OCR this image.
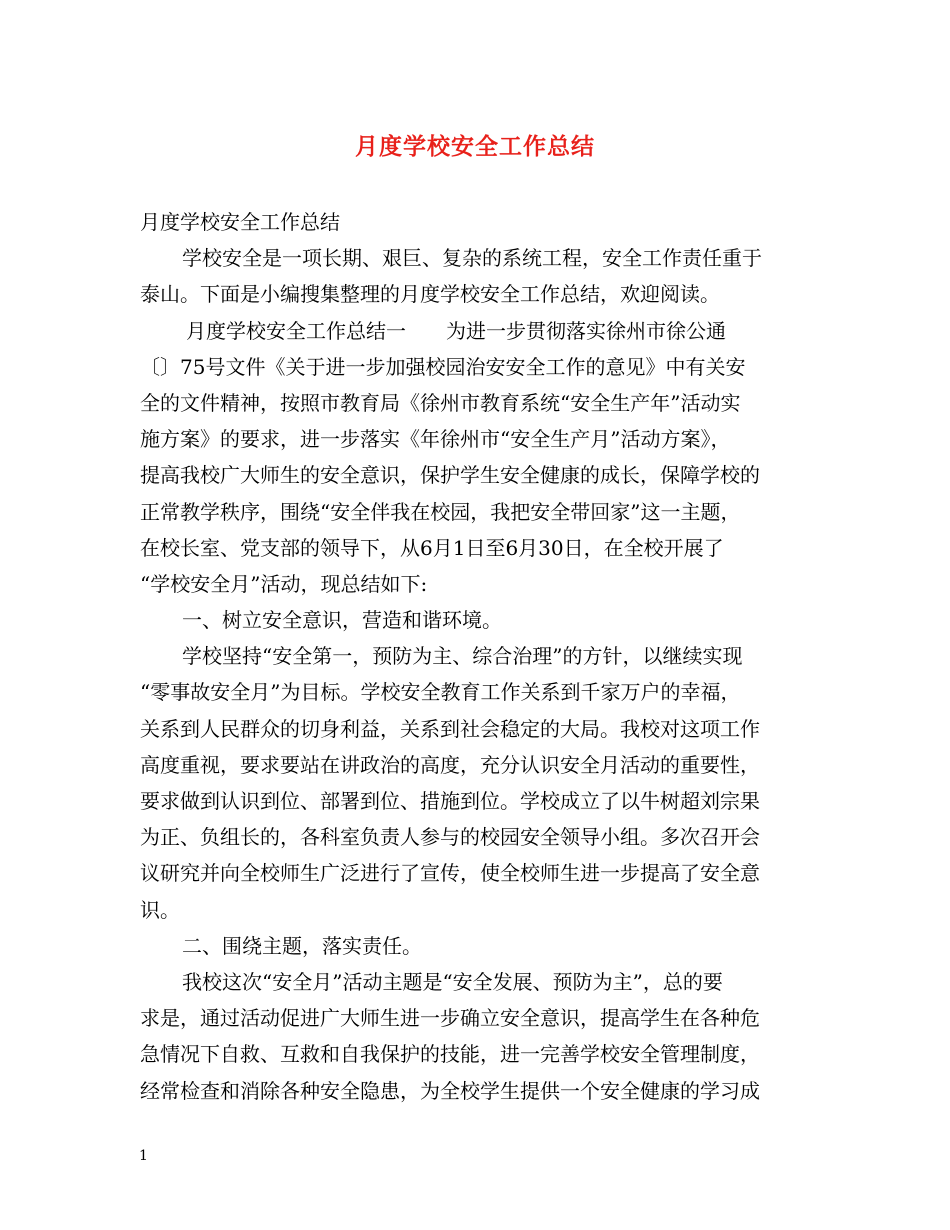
月度学校安全工作总结
月度学校安全工作总结
学校安全是一项长期、艰巨、复杂的系统工程，安全工作责任重于
泰山。下面是小编搜集整理的月度学校安全工作总结，欢迎阅读。
月度学校安全工作总结一　　为进一步贯彻落实徐州市徐公通
〔〕75号文件《关于进一步加强校园治安安全工作的意见》中有关安
全的文件精神，按照市教育局《徐州市教育系统“安全生产年”活动实
施方案》的要求，进一步落实《年徐州市“安全生产月”活动方案》，
提高我校广大师生的安全意识，保护学生安全健康的成长，保障学校的
正常教学秩序，围绕“安全伴我在校园，我把安全带回家”这一主题，
在校长室、党支部的领导下，从6月1日至6月30日，在全校开展了
“学校安全月”活动，现总结如下:
一、树立安全意识，营造和谐环境。
学校坚持“安全第一，预防为主、综合治理”的方针，以继续实现
“零事故安全月”为目标。学校安全教育工作关系到千家万户的幸福，
关系到人民群众的切身利益，关系到社会稳定的大局。我校对这项工作
高度重视，要求要站在讲政治的高度，充分认识安全月活动的重要性，
要求做到认识到位、部署到位、措施到位。学校成立了以牛树超刘宗果
为正、负组长的，各科室负责人参与的校园安全领导小组。多次召开会
议研究并向全校师生广泛进行了宣传，使全校师生进一步提高了安全意
识。
二、围绕主题，落实责任。
我校这次“安全月”活动主题是“安全发展、预防为主”，总的要
求是，通过活动促进广大师生进一步确立安全意识，提高学生在各种危
急情况下自救、互救和自我保护的技能，进一完善学校安全管理制度，
经常检查和消除各种安全隐患，为全校学生提供一个安全健康的学习成
1
